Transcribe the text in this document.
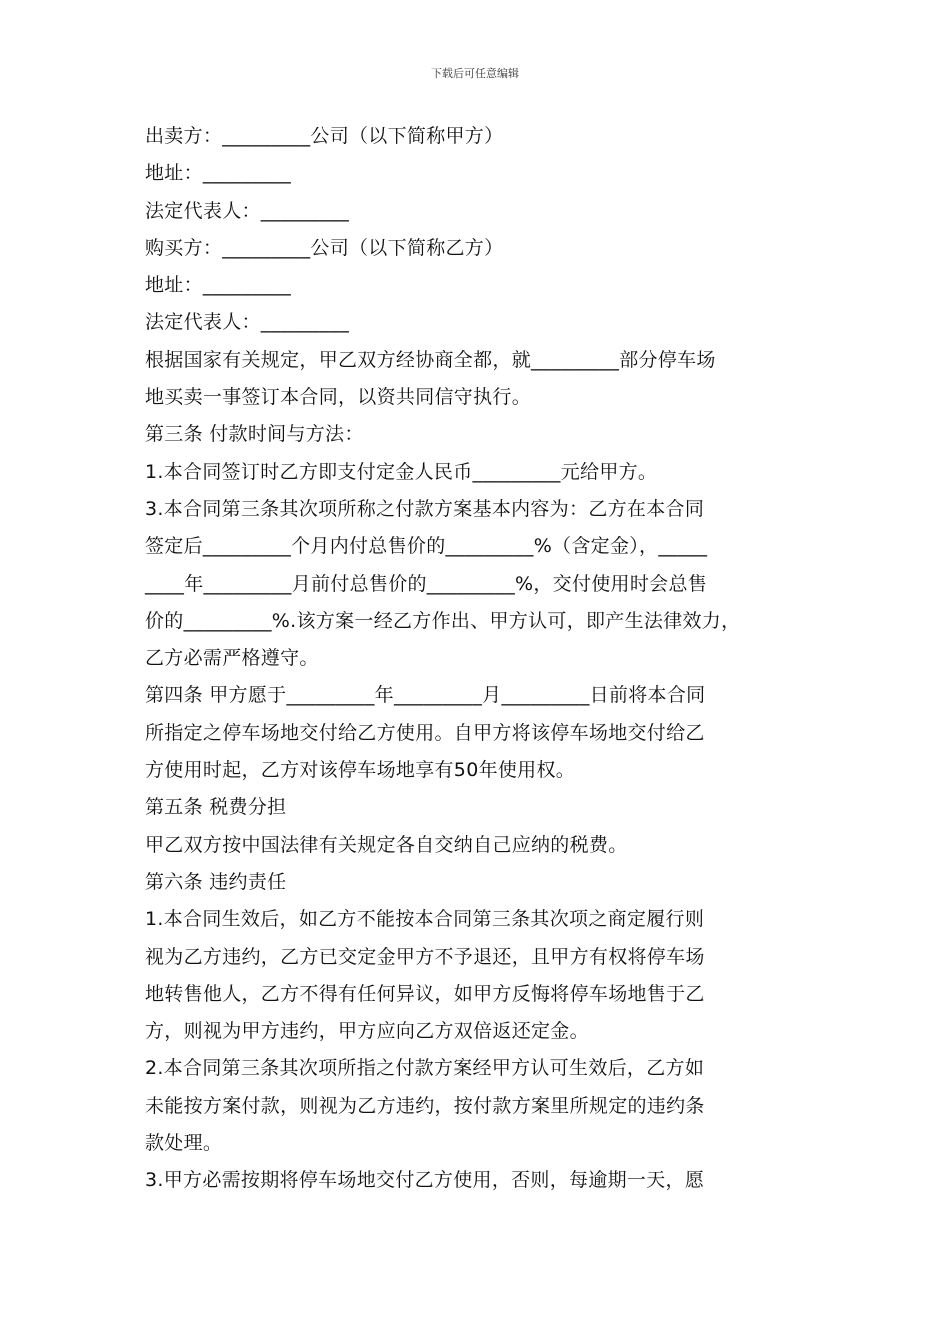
下载后可任意编辑
出卖方：_________公司（以下简称甲方）
地址：_________
法定代表人：_________
购买方：_________公司（以下简称乙方）
地址：_________
法定代表人：_________
根据国家有关规定，甲乙双方经协商全都，就_________部分停车场
地买卖一事签订本合同，以资共同信守执行。
第三条 付款时间与方法：
1.本合同签订时乙方即支付定金人民币_________元给甲方。
3.本合同第三条其次项所称之付款方案基本内容为：乙方在本合同
签定后_________个月内付总售价的_________%（含定金），_____
____年_________月前付总售价的_________%，交付使用时会总售
价的_________%.该方案一经乙方作出、甲方认可，即产生法律效力，
乙方必需严格遵守。
第四条 甲方愿于_________年_________月_________日前将本合同
所指定之停车场地交付给乙方使用。自甲方将该停车场地交付给乙
方使用时起，乙方对该停车场地享有50年使用权。
第五条 税费分担
甲乙双方按中国法律有关规定各自交纳自己应纳的税费。
第六条 违约责任
1.本合同生效后，如乙方不能按本合同第三条其次项之商定履行则
视为乙方违约，乙方已交定金甲方不予退还，且甲方有权将停车场
地转售他人，乙方不得有任何异议，如甲方反悔将停车场地售于乙
方，则视为甲方违约，甲方应向乙方双倍返还定金。
2.本合同第三条其次项所指之付款方案经甲方认可生效后，乙方如
未能按方案付款，则视为乙方违约，按付款方案里所规定的违约条
款处理。
3.甲方必需按期将停车场地交付乙方使用，否则，每逾期一天，愿
